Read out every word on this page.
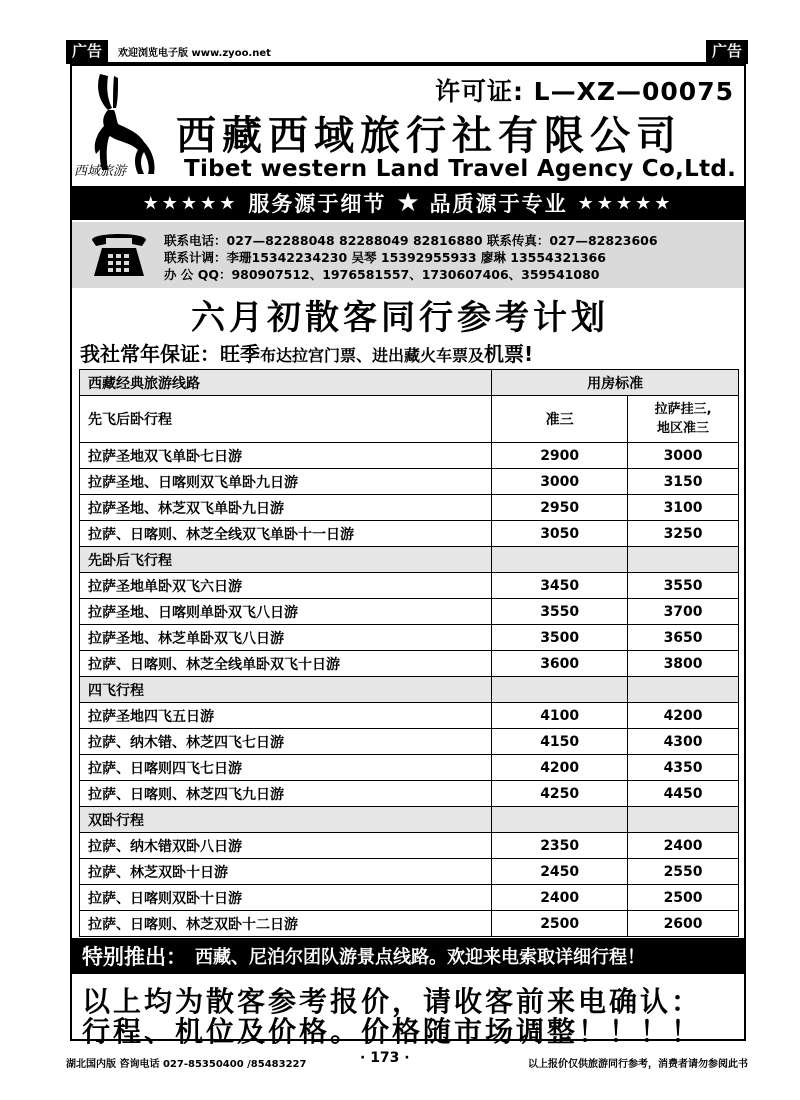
广告	欢迎浏览电子版 www.zyoo.net	广告
西域旅游
许可证: L—XZ—00075
西藏西域旅行社有限公司
Tibet western Land Travel Agency Co,Ltd.
★★★★★ 服务源于细节 ★ 品质源于专业 ★★★★★
联系电话：027—82288048 82288049 82816880 联系传真：027—82823606
联系计调：李珊15342234230 吴琴 15392955933 廖琳 13554321366
办 公 QQ：980907512、1976581557、1730607406、359541080
六月初散客同行参考计划
我社常年保证：旺季布达拉宫门票、进出藏火车票及机票!
西藏经典旅游线路	用房标准	
先飞后卧行程	准三	拉萨挂三,
地区准三
拉萨圣地双飞单卧七日游	2900	3000
拉萨圣地、日喀则双飞单卧九日游	3000	3150
拉萨圣地、林芝双飞单卧九日游	2950	3100
拉萨、日喀则、林芝全线双飞单卧十一日游	3050	3250
先卧后飞行程		
拉萨圣地单卧双飞六日游	3450	3550
拉萨圣地、日喀则单卧双飞八日游	3550	3700
拉萨圣地、林芝单卧双飞八日游	3500	3650
拉萨、日喀则、林芝全线单卧双飞十日游	3600	3800
四飞行程		
拉萨圣地四飞五日游	4100	4200
拉萨、纳木错、林芝四飞七日游	4150	4300
拉萨、日喀则四飞七日游	4200	4350
拉萨、日喀则、林芝四飞九日游	4250	4450
双卧行程		
拉萨、纳木错双卧八日游	2350	2400
拉萨、林芝双卧十日游	2450	2550
拉萨、日喀则双卧十日游	2400	2500
拉萨、日喀则、林芝双卧十二日游	2500	2600
特别推出： 西藏、尼泊尔团队游景点线路。欢迎来电索取详细行程！
以上均为散客参考报价，请收客前来电确认：
行程、机位及价格。价格随市场调整！！！！
湖北国内版 咨询电话 027-85350400 /85483227	· 173 ·	以上报价仅供旅游同行参考，消费者请勿参阅此书
